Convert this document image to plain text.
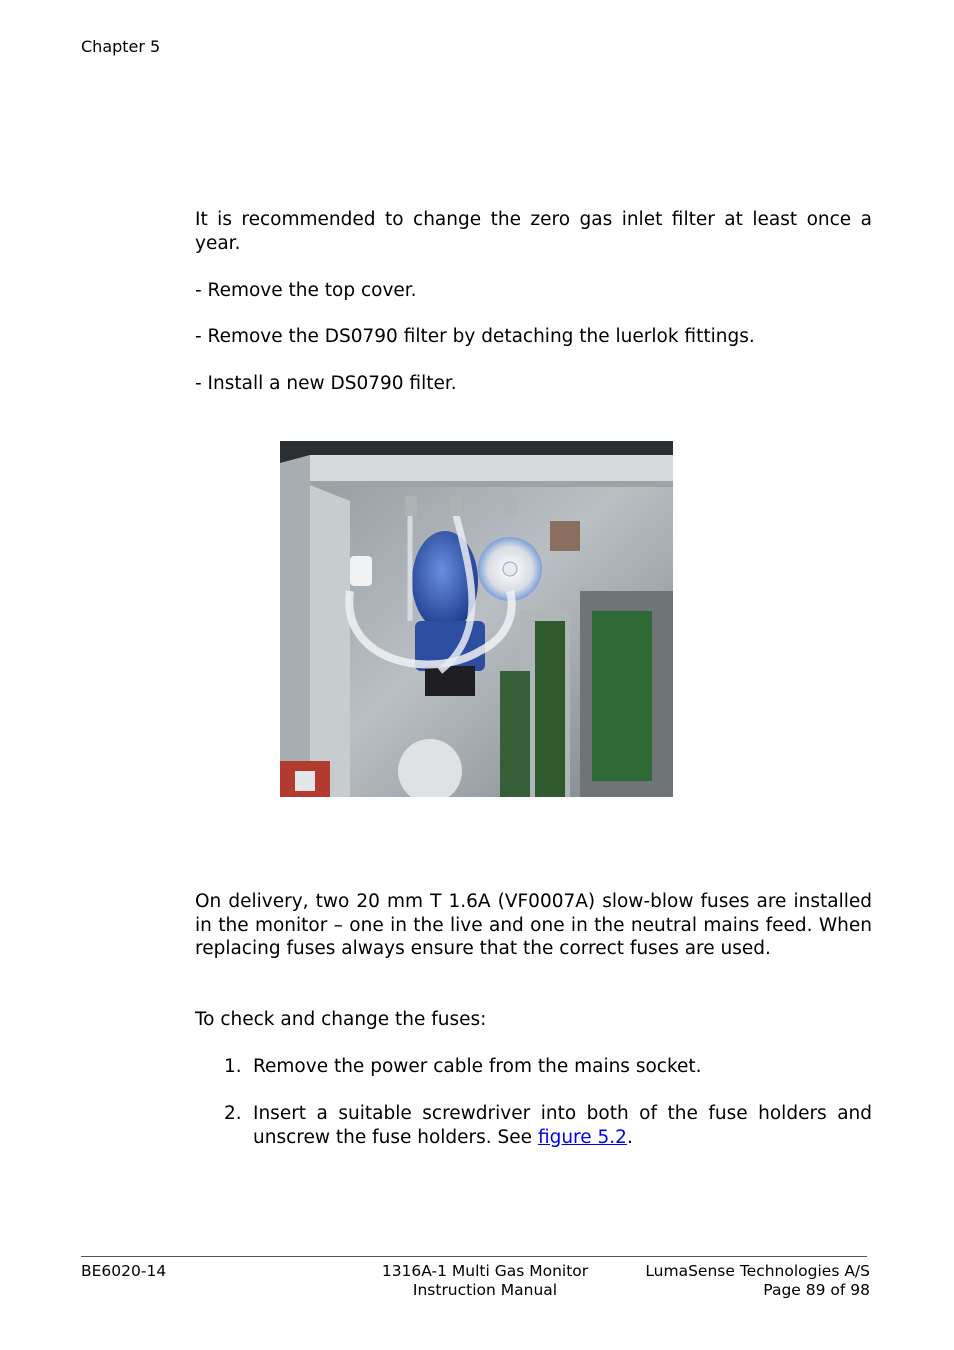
Chapter 5
It is recommended to change the zero gas inlet filter at least once a year.
- Remove the top cover.
- Remove the DS0790 filter by detaching the luerlok fittings.
- Install a new DS0790 filter.
On delivery, two 20 mm T 1.6A (VF0007A) slow-blow fuses are installed in the monitor – one in the live and one in the neutral mains feed. When replacing fuses always ensure that the correct fuses are used.
To check and change the fuses:
1. Remove the power cable from the mains socket.
2. Insert a suitable screwdriver into both of the fuse holders and unscrew the fuse holders. See figure 5.2.
BE6020-14	1316A-1 Multi Gas Monitor
Instruction Manual
LumaSense Technologies A/S
Page 89 of 98
